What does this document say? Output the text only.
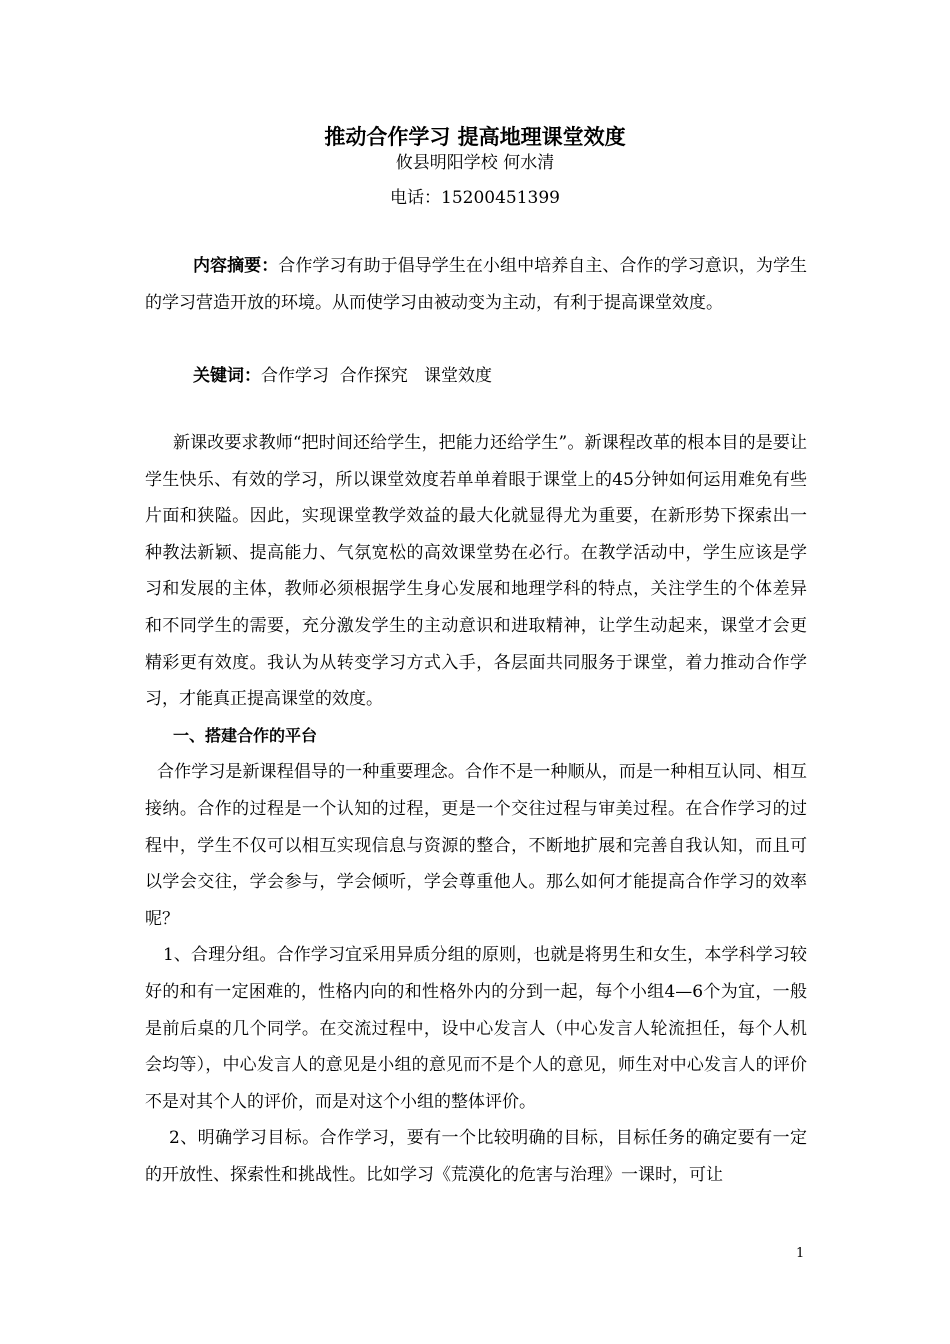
推动合作学习 提高地理课堂效度
攸县明阳学校 何水清
电话：15200451399

内容摘要：合作学习有助于倡导学生在小组中培养自主、合作的学习意识，为学生的学习营造开放的环境。从而使学习由被动变为主动，有利于提高课堂效度。

关键词：合作学习  合作探究   课堂效度

新课改要求教师“把时间还给学生，把能力还给学生”。新课程改革的根本目的是要让学生快乐、有效的学习，所以课堂效度若单单着眼于课堂上的45分钟如何运用难免有些片面和狭隘。因此，实现课堂教学效益的最大化就显得尤为重要，在新形势下探索出一种教法新颖、提高能力、气氛宽松的高效课堂势在必行。在教学活动中，学生应该是学习和发展的主体，教师必须根据学生身心发展和地理学科的特点，关注学生的个体差异和不同学生的需要，充分激发学生的主动意识和进取精神，让学生动起来，课堂才会更精彩更有效度。我认为从转变学习方式入手，各层面共同服务于课堂，着力推动合作学习，才能真正提高课堂的效度。

一、搭建合作的平台

合作学习是新课程倡导的一种重要理念。合作不是一种顺从，而是一种相互认同、相互接纳。合作的过程是一个认知的过程，更是一个交往过程与审美过程。在合作学习的过程中，学生不仅可以相互实现信息与资源的整合，不断地扩展和完善自我认知，而且可以学会交往，学会参与，学会倾听，学会尊重他人。那么如何才能提高合作学习的效率呢？

1、合理分组。合作学习宜采用异质分组的原则，也就是将男生和女生，本学科学习较好的和有一定困难的，性格内向的和性格外内的分到一起，每个小组4—6个为宜，一般是前后桌的几个同学。在交流过程中，设中心发言人（中心发言人轮流担任，每个人机会均等），中心发言人的意见是小组的意见而不是个人的意见，师生对中心发言人的评价不是对其个人的评价，而是对这个小组的整体评价。

2、明确学习目标。合作学习，要有一个比较明确的目标，目标任务的确定要有一定的开放性、探索性和挑战性。比如学习《荒漠化的危害与治理》一课时，可让

1
